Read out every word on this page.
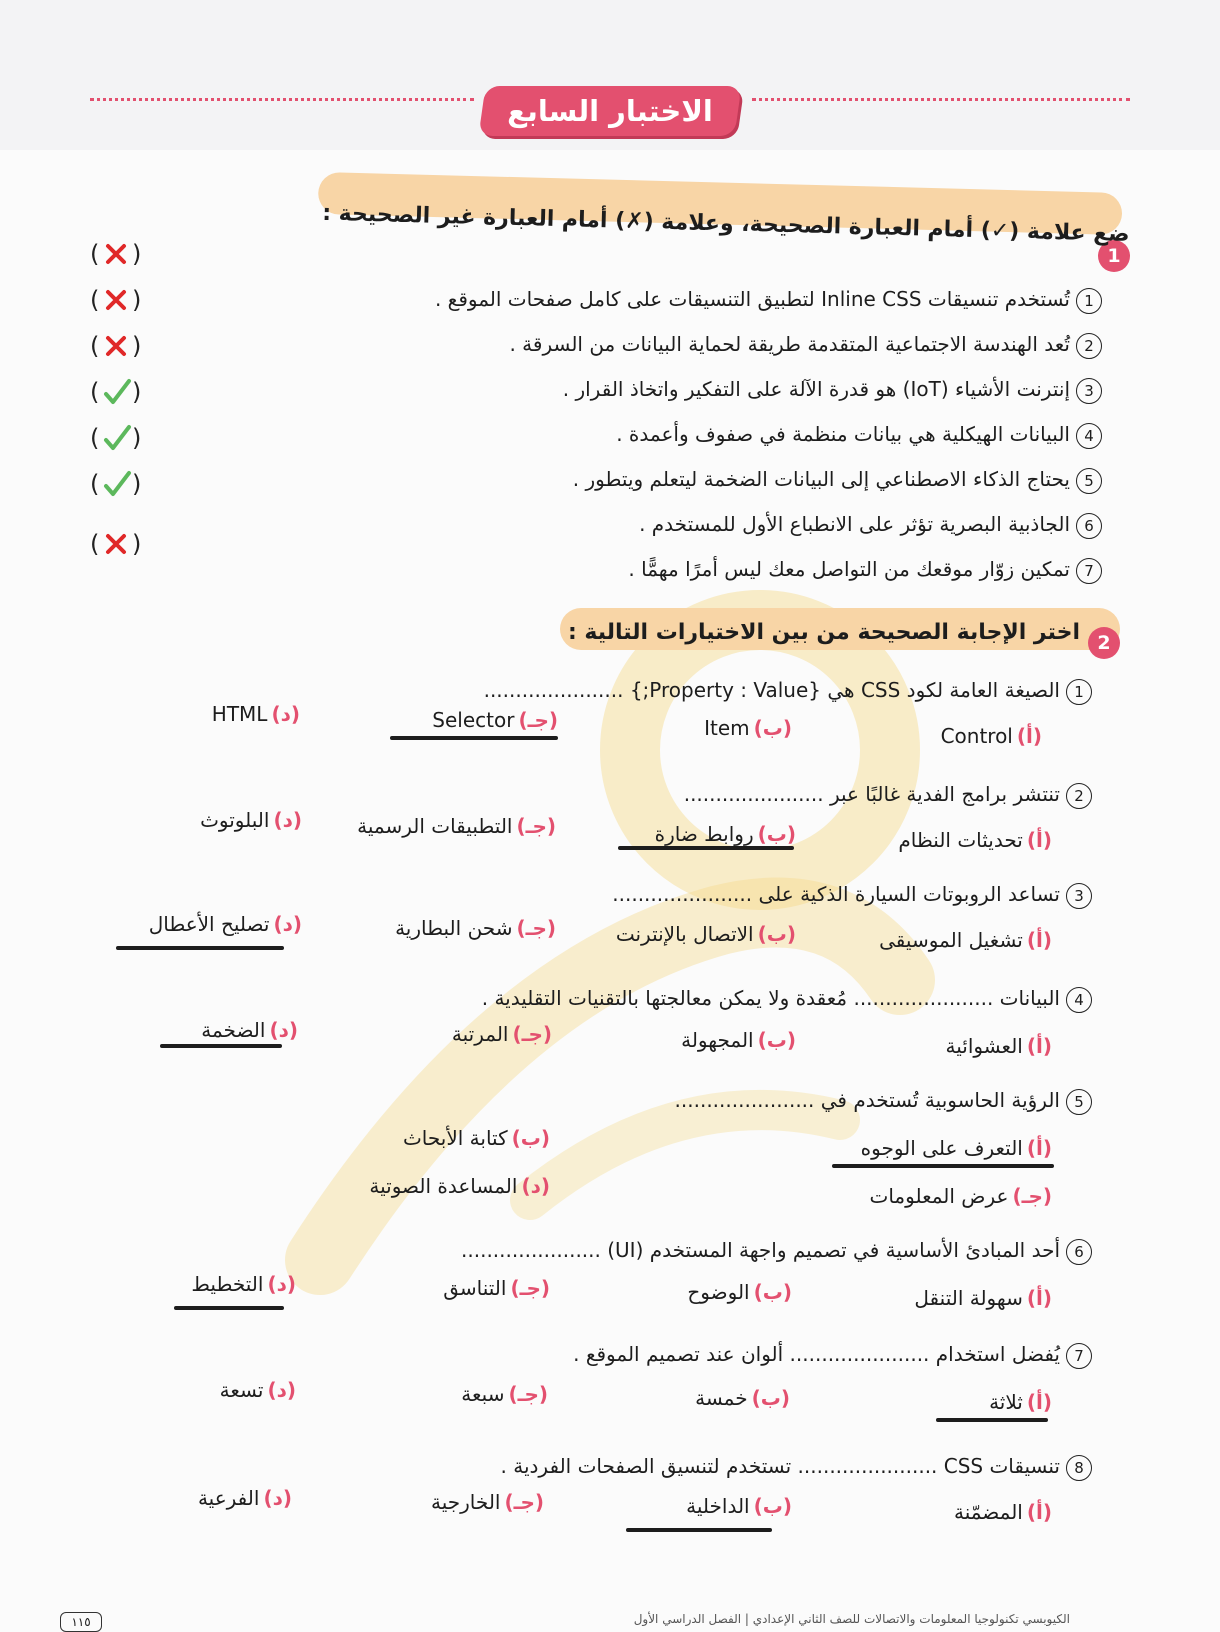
الاختبار السابع
1
ضع علامة (✓) أمام العبارة الصحيحة، وعلامة (✗) أمام العبارة غير الصحيحة :
1تُستخدم تنسيقات Inline CSS لتطبيق التنسيقات على كامل صفحات الموقع .
2تُعد الهندسة الاجتماعية المتقدمة طريقة لحماية البيانات من السرقة .
3إنترنت الأشياء (IoT) هو قدرة الآلة على التفكير واتخاذ القرار .
4البيانات الهيكلية هي بيانات منظمة في صفوف وأعمدة .
5يحتاج الذكاء الاصطناعي إلى البيانات الضخمة ليتعلم ويتطور .
6الجاذبية البصرية تؤثر على الانطباع الأول للمستخدم .
7تمكين زوّار موقعك من التواصل معك ليس أمرًا مهمًّا .
( )
( )
( )
( )
( )
( )
( )
2
اختر الإجابة الصحيحة من بين الاختيارات التالية :
1الصيغة العامة لكود CSS هي {Property : Value;} ......................
(أ)Control
(ب)Item
(جـ)Selector
(د)HTML
2تنتشر برامج الفدية غالبًا عبر ......................
(أ)تحديثات النظام
(ب)روابط ضارة
(جـ)التطبيقات الرسمية
(د)البلوتوث
3تساعد الروبوتات السيارة الذكية على ......................
(أ)تشغيل الموسيقى
(ب)الاتصال بالإنترنت
(جـ)شحن البطارية
(د)تصليح الأعطال
4البيانات ...................... مُعقدة ولا يمكن معالجتها بالتقنيات التقليدية .
(أ)العشوائية
(ب)المجهولة
(جـ)المرتبة
(د)الضخمة
5الرؤية الحاسوبية تُستخدم في ......................
(أ)التعرف على الوجوه
(ب)كتابة الأبحاث
(جـ)عرض المعلومات
(د)المساعدة الصوتية
6أحد المبادئ الأساسية في تصميم واجهة المستخدم (UI) ......................
(أ)سهولة التنقل
(ب)الوضوح
(جـ)التناسق
(د)التخطيط
7يُفضل استخدام ...................... ألوان عند تصميم الموقع .
(أ)ثلاثة
(ب)خمسة
(جـ)سبعة
(د)تسعة
8تنسيقات CSS ...................... تستخدم لتنسيق الصفحات الفردية .
(أ)المضمّنة
(ب)الداخلية
(جـ)الخارجية
(د)الفرعية
الكيوبسي تكنولوجيا المعلومات والاتصالات للصف الثاني الإعدادي | الفصل الدراسي الأول
١١٥
